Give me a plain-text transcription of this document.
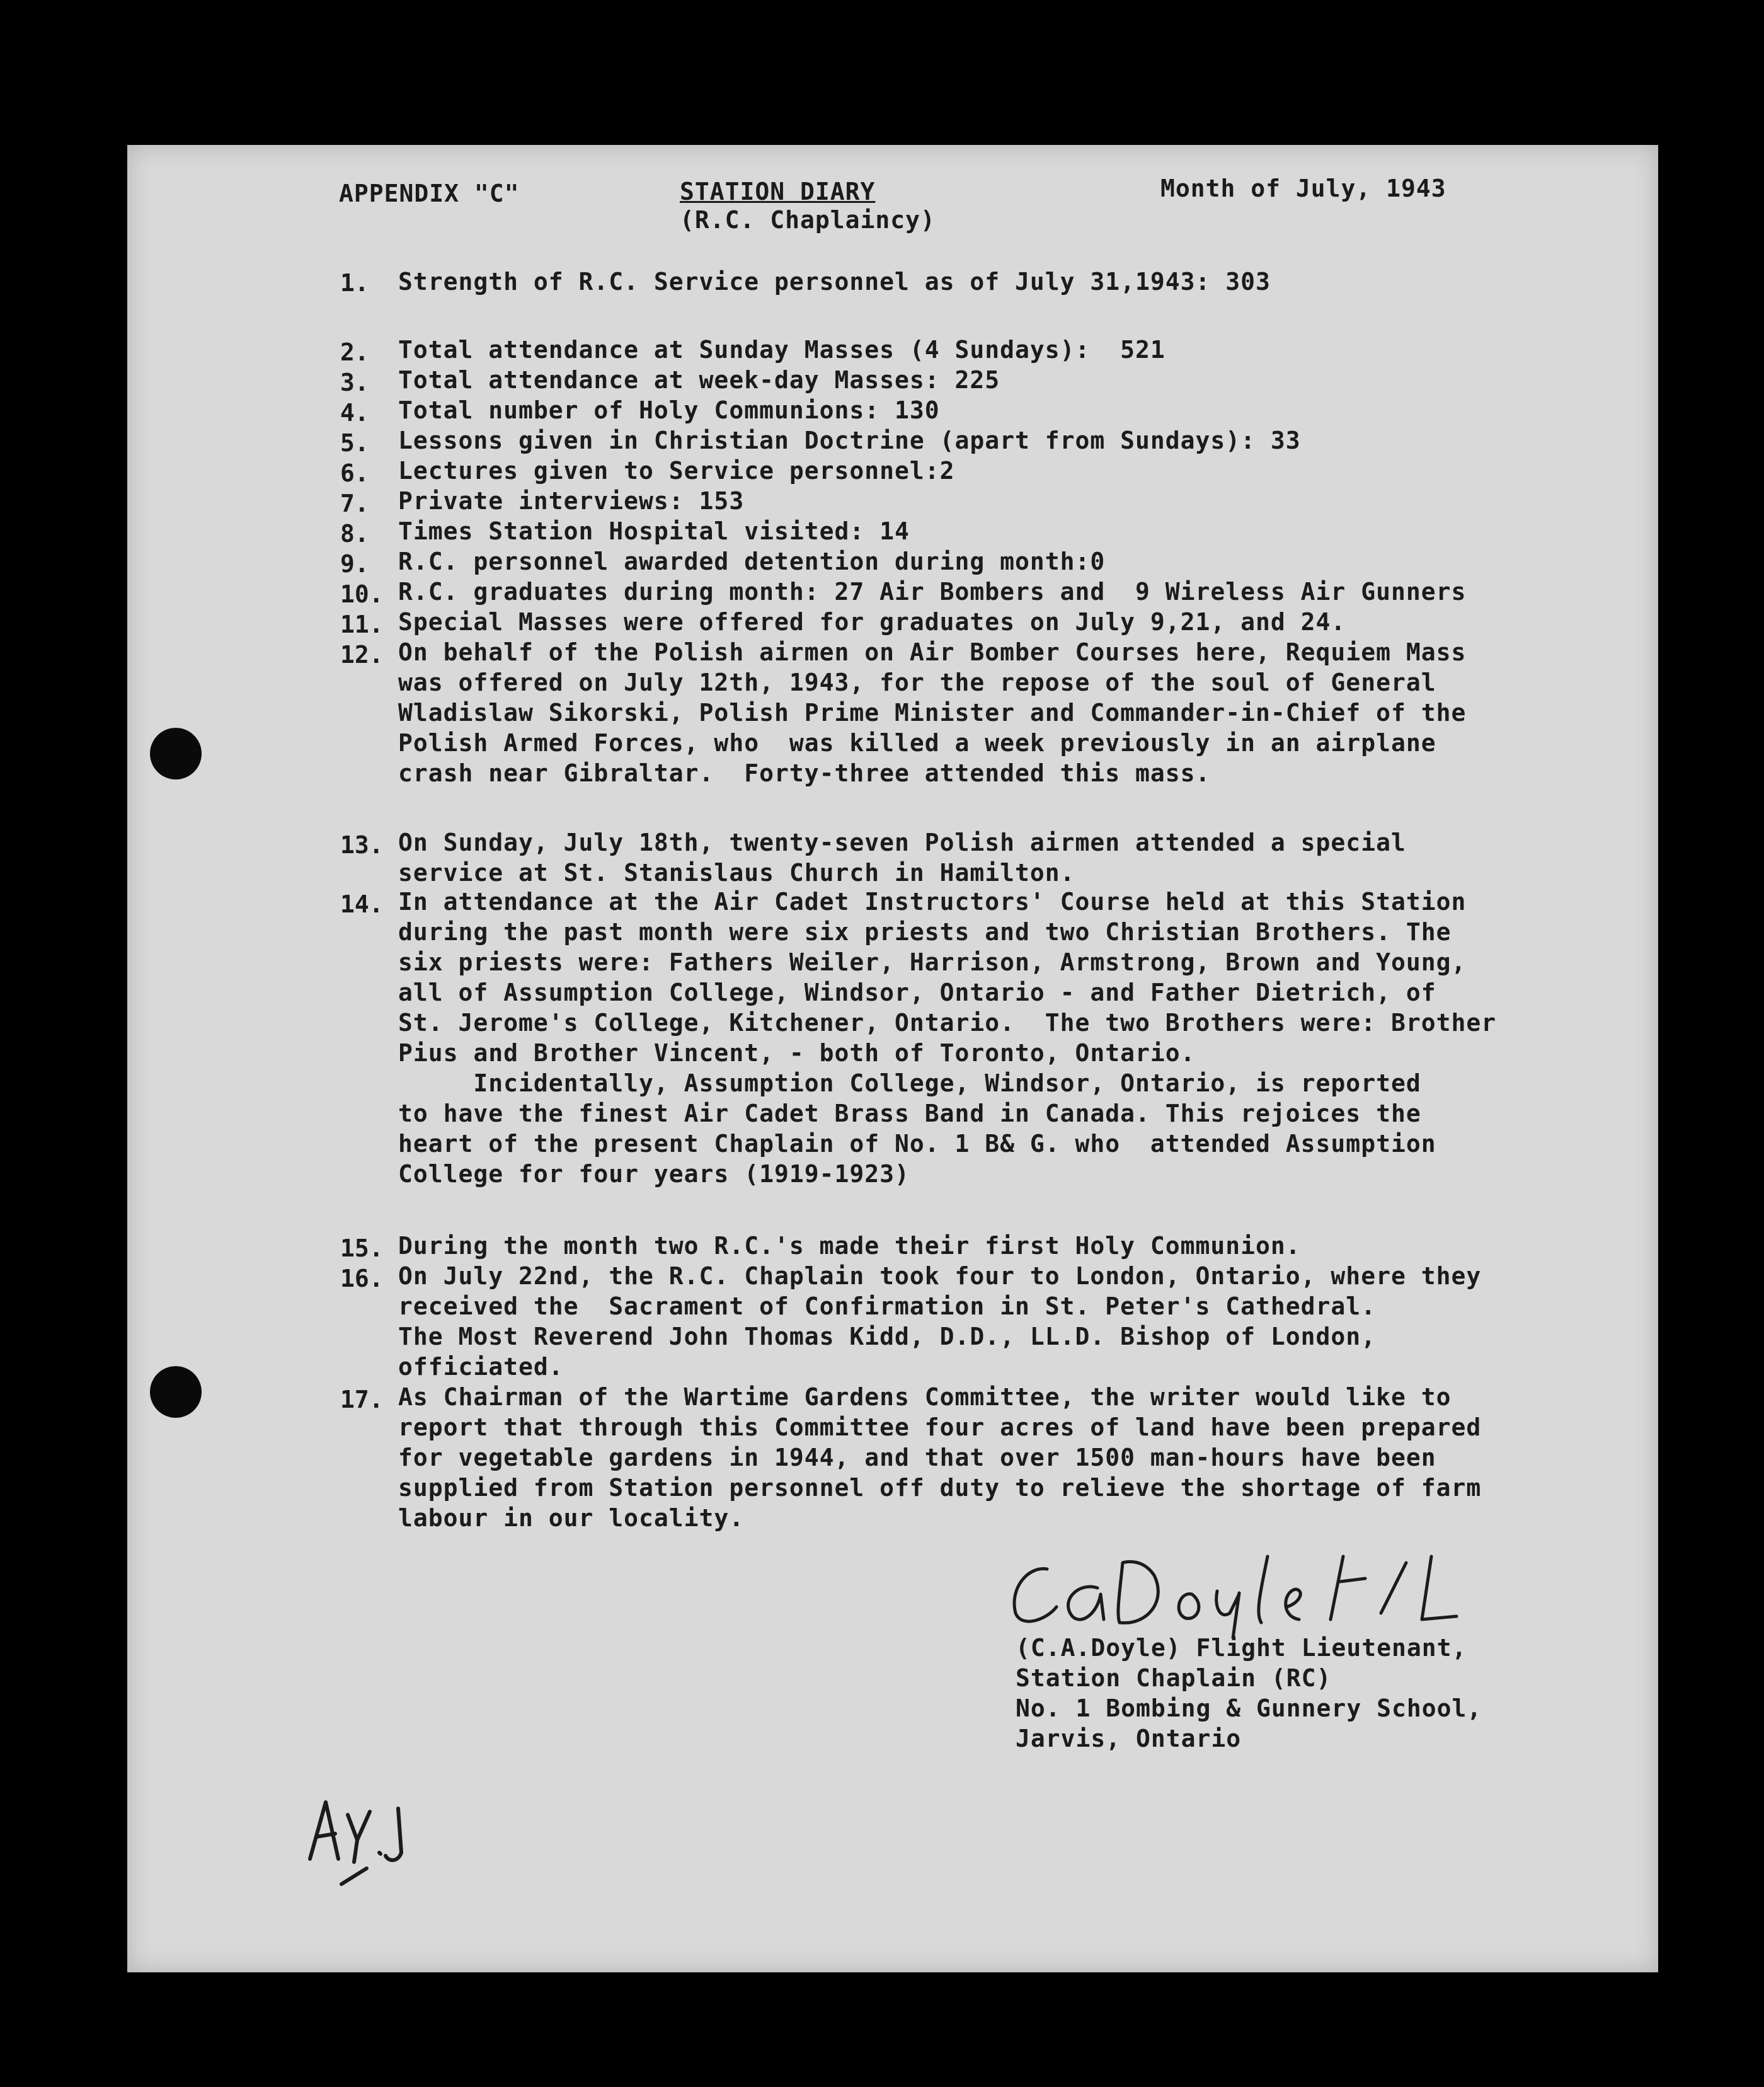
APPENDIX "C"	STATION DIARY
(R.C. Chaplaincy)
Month of July, 1943
1. Strength of R.C. Service personnel as of July 31,1943: 303
2. Total attendance at Sunday Masses (4 Sundays):  521
3. Total attendance at week-day Masses: 225
4. Total number of Holy Communions: 130
5. Lessons given in Christian Doctrine (apart from Sundays): 33
6. Lectures given to Service personnel:2
7. Private interviews: 153
8. Times Station Hospital visited: 14
9. R.C. personnel awarded detention during month:0
10. R.C. graduates during month: 27 Air Bombers and  9 Wireless Air Gunners
11. Special Masses were offered for graduates on July 9,21, and 24.
12. On behalf of the Polish airmen on Air Bomber Courses here, Requiem Mass
was offered on July 12th, 1943, for the repose of the soul of General
Wladislaw Sikorski, Polish Prime Minister and Commander-in-Chief of the
Polish Armed Forces, who  was killed a week previously in an airplane
crash near Gibraltar.  Forty-three attended this mass.
13. On Sunday, July 18th, twenty-seven Polish airmen attended a special
service at St. Stanislaus Church in Hamilton.
14. In attendance at the Air Cadet Instructors' Course held at this Station
during the past month were six priests and two Christian Brothers. The
six priests were: Fathers Weiler, Harrison, Armstrong, Brown and Young,
all of Assumption College, Windsor, Ontario - and Father Dietrich, of
St. Jerome's College, Kitchener, Ontario.  The two Brothers were: Brother
Pius and Brother Vincent, - both of Toronto, Ontario.
Incidentally, Assumption College, Windsor, Ontario, is reported
to have the finest Air Cadet Brass Band in Canada. This rejoices the
heart of the present Chaplain of No. 1 B& G. who  attended Assumption
College for four years (1919-1923)
15. During the month two R.C.'s made their first Holy Communion.
16. On July 22nd, the R.C. Chaplain took four to London, Ontario, where they
received the  Sacrament of Confirmation in St. Peter's Cathedral.
The Most Reverend John Thomas Kidd, D.D., LL.D. Bishop of London,
officiated.
17. As Chairman of the Wartime Gardens Committee, the writer would like to
report that through this Committee four acres of land have been prepared
for vegetable gardens in 1944, and that over 1500 man-hours have been
supplied from Station personnel off duty to relieve the shortage of farm
labour in our locality.
(C.A.Doyle) Flight Lieutenant,
Station Chaplain (RC)
No. 1 Bombing & Gunnery School,
Jarvis, Ontario
